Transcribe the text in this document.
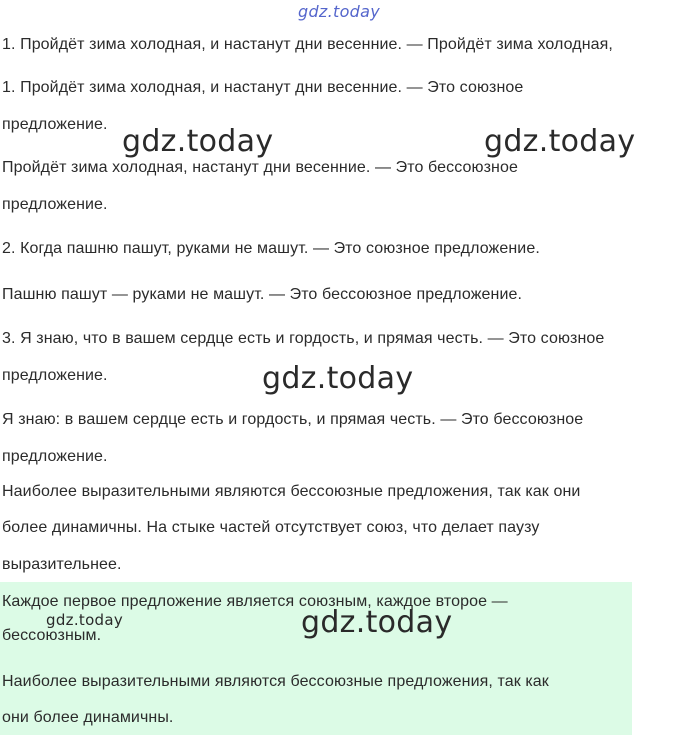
gdz.today
1. Пройдёт зима холодная, и настанут дни весенние. — Пройдёт зима холодная,
1. Пройдёт зима холодная, и настанут дни весенние. — Это союзное
предложение.
Пройдёт зима холодная, настанут дни весенние. — Это бессоюзное
предложение.
2. Когда пашню пашут, руками не машут. — Это союзное предложение.
Пашню пашут — руками не машут. — Это бессоюзное предложение.
3. Я знаю, что в вашем сердце есть и гордость, и прямая честь. — Это союзное
предложение.
Я знаю: в вашем сердце есть и гордость, и прямая честь. — Это бессоюзное
предложение.
Наиболее выразительными являются бессоюзные предложения, так как они
более динамичны. На стыке частей отсутствует союз, что делает паузу
выразительнее.
Каждое первое предложение является союзным, каждое второе —
бессоюзным.
Наиболее выразительными являются бессоюзные предложения, так как
они более динамичны.
gdz.today	gdz.today
gdz.today
gdz.today
gdz.today
